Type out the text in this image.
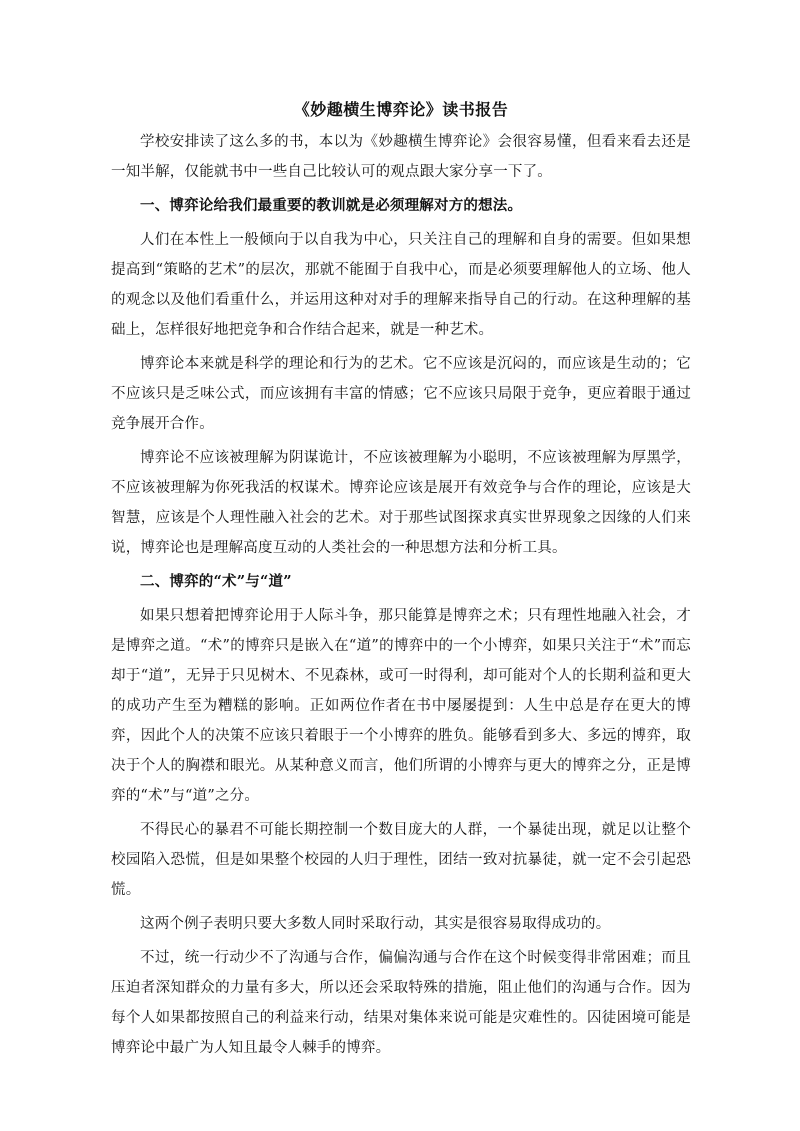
《妙趣横生博弈论》读书报告
学校安排读了这么多的书，本以为《妙趣横生博弈论》会很容易懂，但看来看去还是一知半解，仅能就书中一些自己比较认可的观点跟大家分享一下了。
一、博弈论给我们最重要的教训就是必须理解对方的想法。
人们在本性上一般倾向于以自我为中心，只关注自己的理解和自身的需要。但如果想提高到“策略的艺术”的层次，那就不能囿于自我中心，而是必须要理解他人的立场、他人的观念以及他们看重什么，并运用这种对对手的理解来指导自己的行动。在这种理解的基础上，怎样很好地把竞争和合作结合起来，就是一种艺术。
博弈论本来就是科学的理论和行为的艺术。它不应该是沉闷的，而应该是生动的；它不应该只是乏味公式，而应该拥有丰富的情感；它不应该只局限于竞争，更应着眼于通过竞争展开合作。
博弈论不应该被理解为阴谋诡计，不应该被理解为小聪明，不应该被理解为厚黑学，不应该被理解为你死我活的权谋术。博弈论应该是展开有效竞争与合作的理论，应该是大智慧，应该是个人理性融入社会的艺术。对于那些试图探求真实世界现象之因缘的人们来说，博弈论也是理解高度互动的人类社会的一种思想方法和分析工具。
二、博弈的“术”与“道”
如果只想着把博弈论用于人际斗争，那只能算是博弈之术；只有理性地融入社会，才是博弈之道。“术”的博弈只是嵌入在“道”的博弈中的一个小博弈，如果只关注于“术”而忘却于“道”，无异于只见树木、不见森林，或可一时得利，却可能对个人的长期利益和更大的成功产生至为糟糕的影响。正如两位作者在书中屡屡提到：人生中总是存在更大的博弈，因此个人的决策不应该只着眼于一个小博弈的胜负。能够看到多大、多远的博弈，取决于个人的胸襟和眼光。从某种意义而言，他们所谓的小博弈与更大的博弈之分，正是博弈的“术”与“道”之分。
不得民心的暴君不可能长期控制一个数目庞大的人群，一个暴徒出现，就足以让整个校园陷入恐慌，但是如果整个校园的人归于理性，团结一致对抗暴徒，就一定不会引起恐慌。
这两个例子表明只要大多数人同时采取行动，其实是很容易取得成功的。
不过，统一行动少不了沟通与合作，偏偏沟通与合作在这个时候变得非常困难；而且压迫者深知群众的力量有多大，所以还会采取特殊的措施，阻止他们的沟通与合作。因为每个人如果都按照自己的利益来行动，结果对集体来说可能是灾难性的。囚徒困境可能是博弈论中最广为人知且最令人棘手的博弈。
